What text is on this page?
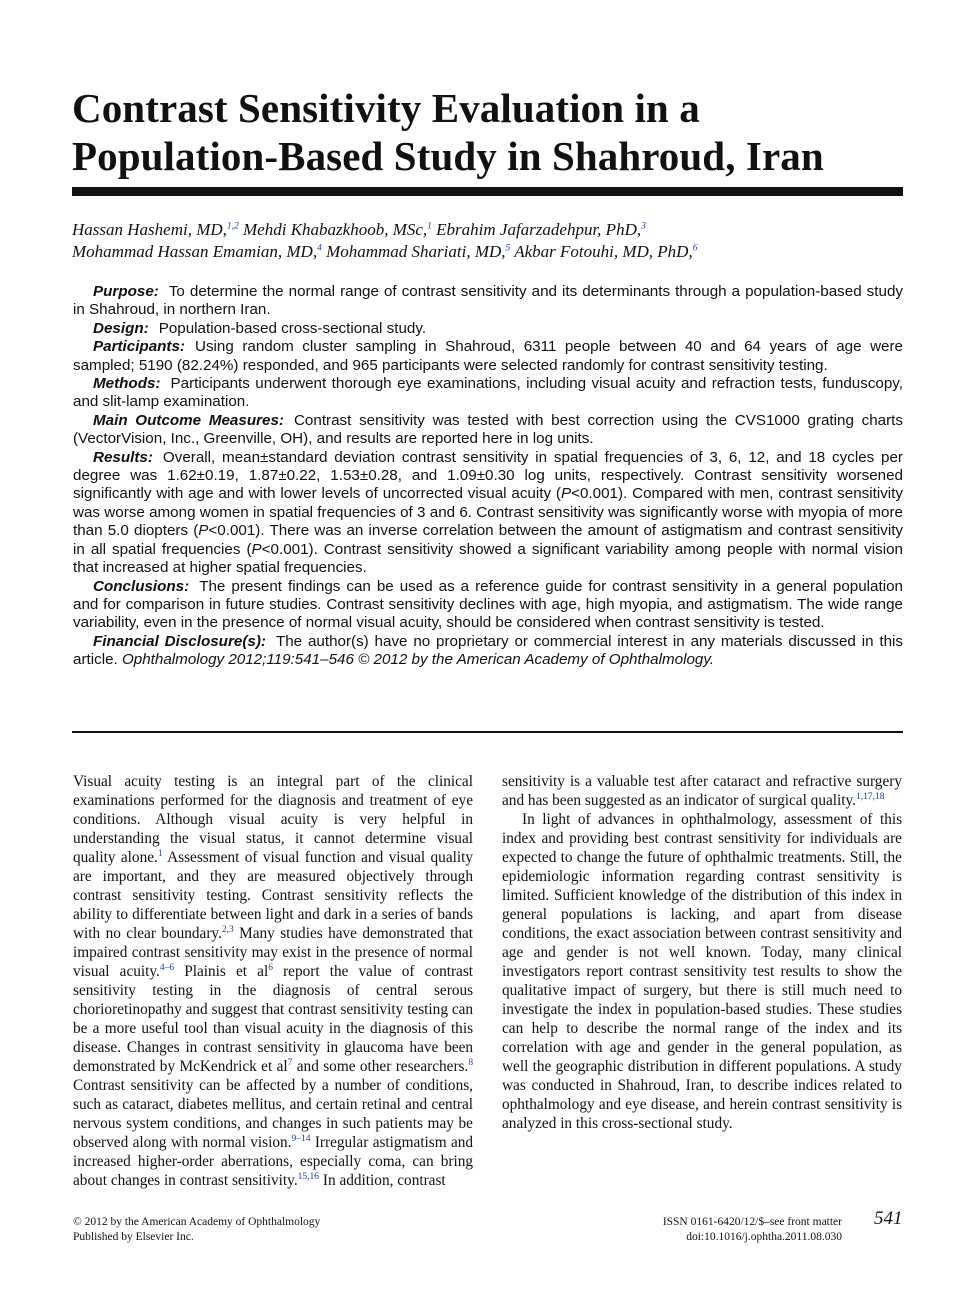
Contrast Sensitivity Evaluation in a
Population-Based Study in Shahroud, Iran
Hassan Hashemi, MD,$^{1,2}$ Mehdi Khabazkhoob, MSc,$^1$ Ebrahim Jafarzadehpur, PhD,$^3$
Mohammad Hassan Emamian, MD,$^4$ Mohammad Shariati, MD,$^5$ Akbar Fotouhi, MD, PhD,$^6$

Purpose: To determine the normal range of contrast sensitivity and its determinants through a population-based study in Shahroud, in northern Iran.

Design: Population-based cross-sectional study.

Participants: Using random cluster sampling in Shahroud, 6311 people between 40 and 64 years of age were sampled; 5190 (82.24%) responded, and 965 participants were selected randomly for contrast sensitivity testing.

Methods: Participants underwent thorough eye examinations, including visual acuity and refraction tests, funduscopy, and slit-lamp examination.

Main Outcome Measures: Contrast sensitivity was tested with best correction using the CVS1000 grating charts (VectorVision, Inc., Greenville, OH), and results are reported here in log units.

Results: Overall, mean±standard deviation contrast sensitivity in spatial frequencies of 3, 6, 12, and 18 cycles per degree was 1.62±0.19, 1.87±0.22, 1.53±0.28, and 1.09±0.30 log units, respectively. Contrast sensitivity worsened significantly with age and with lower levels of uncorrected visual acuity (P<0.001). Compared with men, contrast sensitivity was worse among women in spatial frequencies of 3 and 6. Contrast sensitivity was significantly worse with myopia of more than 5.0 diopters (P<0.001). There was an inverse correlation between the amount of astigmatism and contrast sensitivity in all spatial frequencies (P<0.001). Contrast sensitivity showed a significant variability among people with normal vision that increased at higher spatial frequencies.

Conclusions: The present findings can be used as a reference guide for contrast sensitivity in a general population and for comparison in future studies. Contrast sensitivity declines with age, high myopia, and astigmatism. The wide range variability, even in the presence of normal visual acuity, should be considered when contrast sensitivity is tested.

Financial Disclosure(s): The author(s) have no proprietary or commercial interest in any materials discussed in this article. Ophthalmology 2012;119:541–546 © 2012 by the American Academy of Ophthalmology.

Visual acuity testing is an integral part of the clinical examinations performed for the diagnosis and treatment of eye conditions. Although visual acuity is very helpful in understanding the visual status, it cannot determine visual quality alone.$^1$ Assessment of visual function and visual quality are important, and they are measured objectively through contrast sensitivity testing. Contrast sensitivity reflects the ability to differentiate between light and dark in a series of bands with no clear boundary.$^{2,3}$ Many studies have demonstrated that impaired contrast sensitivity may exist in the presence of normal visual acuity.$^{4-6}$ Plainis et $al^6$ report the value of contrast sensitivity testing in the diagnosis of central serous chorioretinopathy and suggest that contrast sensitivity testing can be a more useful tool than visual acuity in the diagnosis of this disease. Changes in contrast sensitivity in glaucoma have been demonstrated by McKendrick et $al^7$ and some other researchers.$^8$ Contrast sensitivity can be affected by a number of conditions, such as cataract, diabetes mellitus, and certain retinal and central nervous system conditions, and changes in such patients may be observed along with normal vision.$^{9-14}$ Irregular astigmatism and increased higher-order aberrations, especially coma, can bring about changes in contrast sensitivity.$^{15,16}$ In addition, contrast

sensitivity is a valuable test after cataract and refractive surgery and has been suggested as an indicator of surgical quality.$^{1,17,18}$

In light of advances in ophthalmology, assessment of this index and providing best contrast sensitivity for individuals are expected to change the future of ophthalmic treatments. Still, the epidemiologic information regarding contrast sensitivity is limited. Sufficient knowledge of the distribution of this index in general populations is lacking, and apart from disease conditions, the exact association between contrast sensitivity and age and gender is not well known. Today, many clinical investigators report contrast sensitivity test results to show the qualitative impact of surgery, but there is still much need to investigate the index in population-based studies. These studies can help to describe the normal range of the index and its correlation with age and gender in the general population, as well the geographic distribution in different populations. A study was conducted in Shahroud, Iran, to describe indices related to ophthalmology and eye disease, and herein contrast sensitivity is analyzed in this cross-sectional study.

© 2012 by the American Academy of Ophthalmology
Published by Elsevier Inc.
ISSN 0161-6420/12/$–see front matter
doi:10.1016/j.ophtha.2011.08.030
541
